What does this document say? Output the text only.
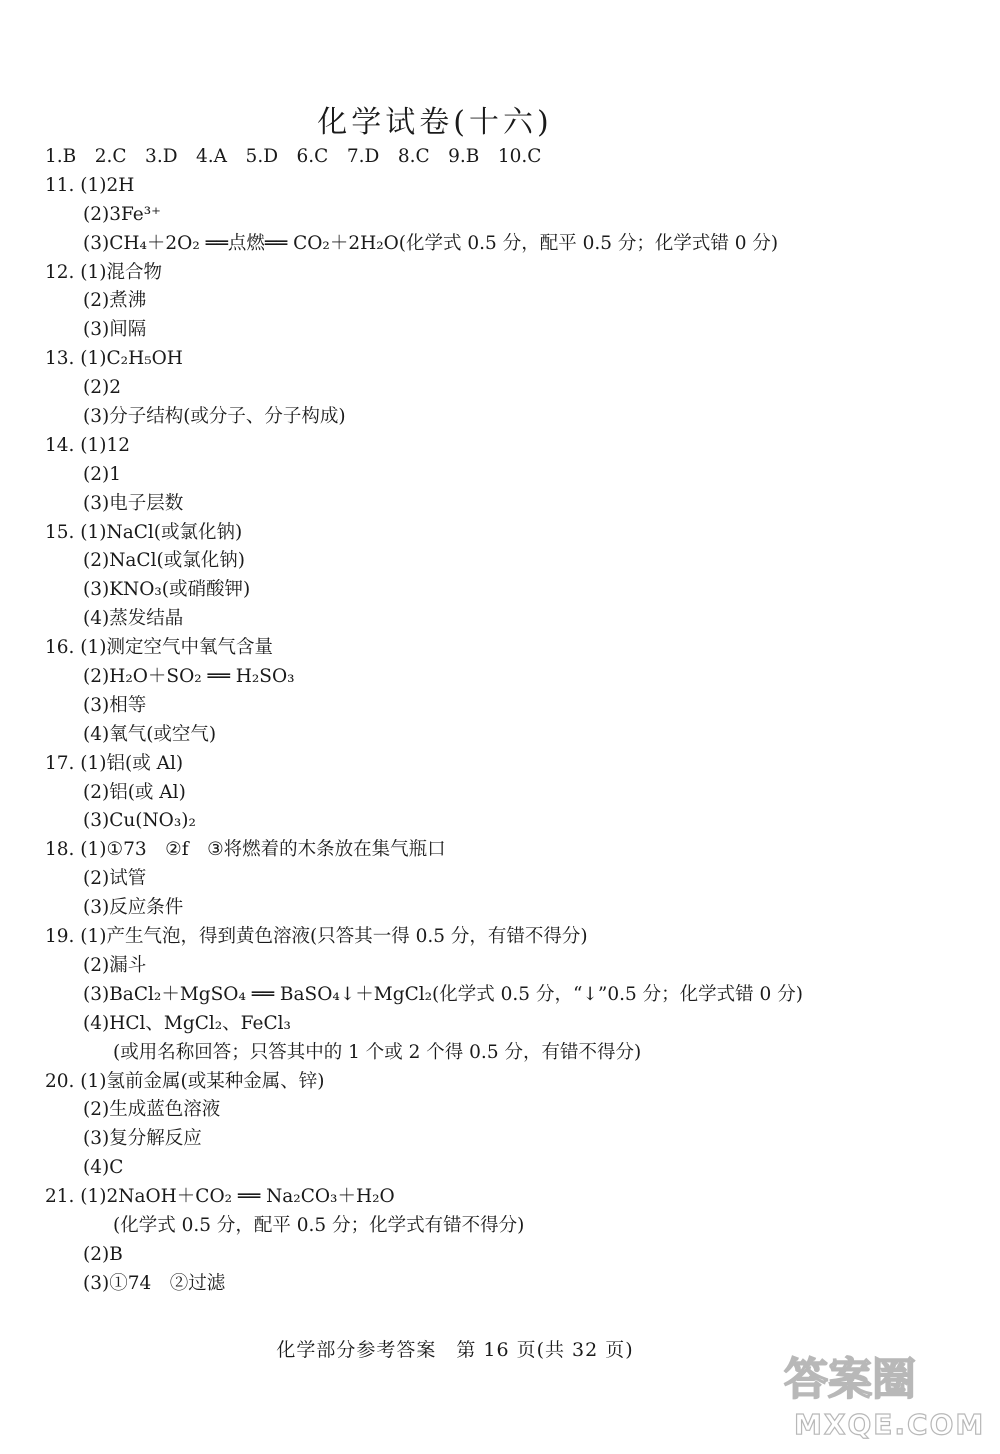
化学试卷(十六)
1.B　2.C　3.D　4.A　5.D　6.C　7.D　8.C　9.B　10.C
11. (1)2H
(2)3Fe³⁺
(3)CH₄＋2O₂ ══点燃══ CO₂＋2H₂O(化学式 0.5 分，配平 0.5 分；化学式错 0 分)
12. (1)混合物
(2)煮沸
(3)间隔
13. (1)C₂H₅OH
(2)2
(3)分子结构(或分子、分子构成)
14. (1)12
(2)1
(3)电子层数
15. (1)NaCl(或氯化钠)
(2)NaCl(或氯化钠)
(3)KNO₃(或硝酸钾)
(4)蒸发结晶
16. (1)测定空气中氧气含量
(2)H₂O＋SO₂ ══ H₂SO₃
(3)相等
(4)氧气(或空气)
17. (1)铝(或 Al)
(2)铝(或 Al)
(3)Cu(NO₃)₂
18. (1)①73　②f　③将燃着的木条放在集气瓶口
(2)试管
(3)反应条件
19. (1)产生气泡，得到黄色溶液(只答其一得 0.5 分，有错不得分)
(2)漏斗
(3)BaCl₂＋MgSO₄ ══ BaSO₄↓＋MgCl₂(化学式 0.5 分，“↓”0.5 分；化学式错 0 分)
(4)HCl、MgCl₂、FeCl₃
(或用名称回答；只答其中的 1 个或 2 个得 0.5 分，有错不得分)
20. (1)氢前金属(或某种金属、锌)
(2)生成蓝色溶液
(3)复分解反应
(4)C
21. (1)2NaOH＋CO₂ ══ Na₂CO₃＋H₂O
(化学式 0.5 分，配平 0.5 分；化学式有错不得分)
(2)B
(3)①74　②过滤
化学部分参考答案　第 16 页(共 32 页)
答案圈
MXQE.COM
